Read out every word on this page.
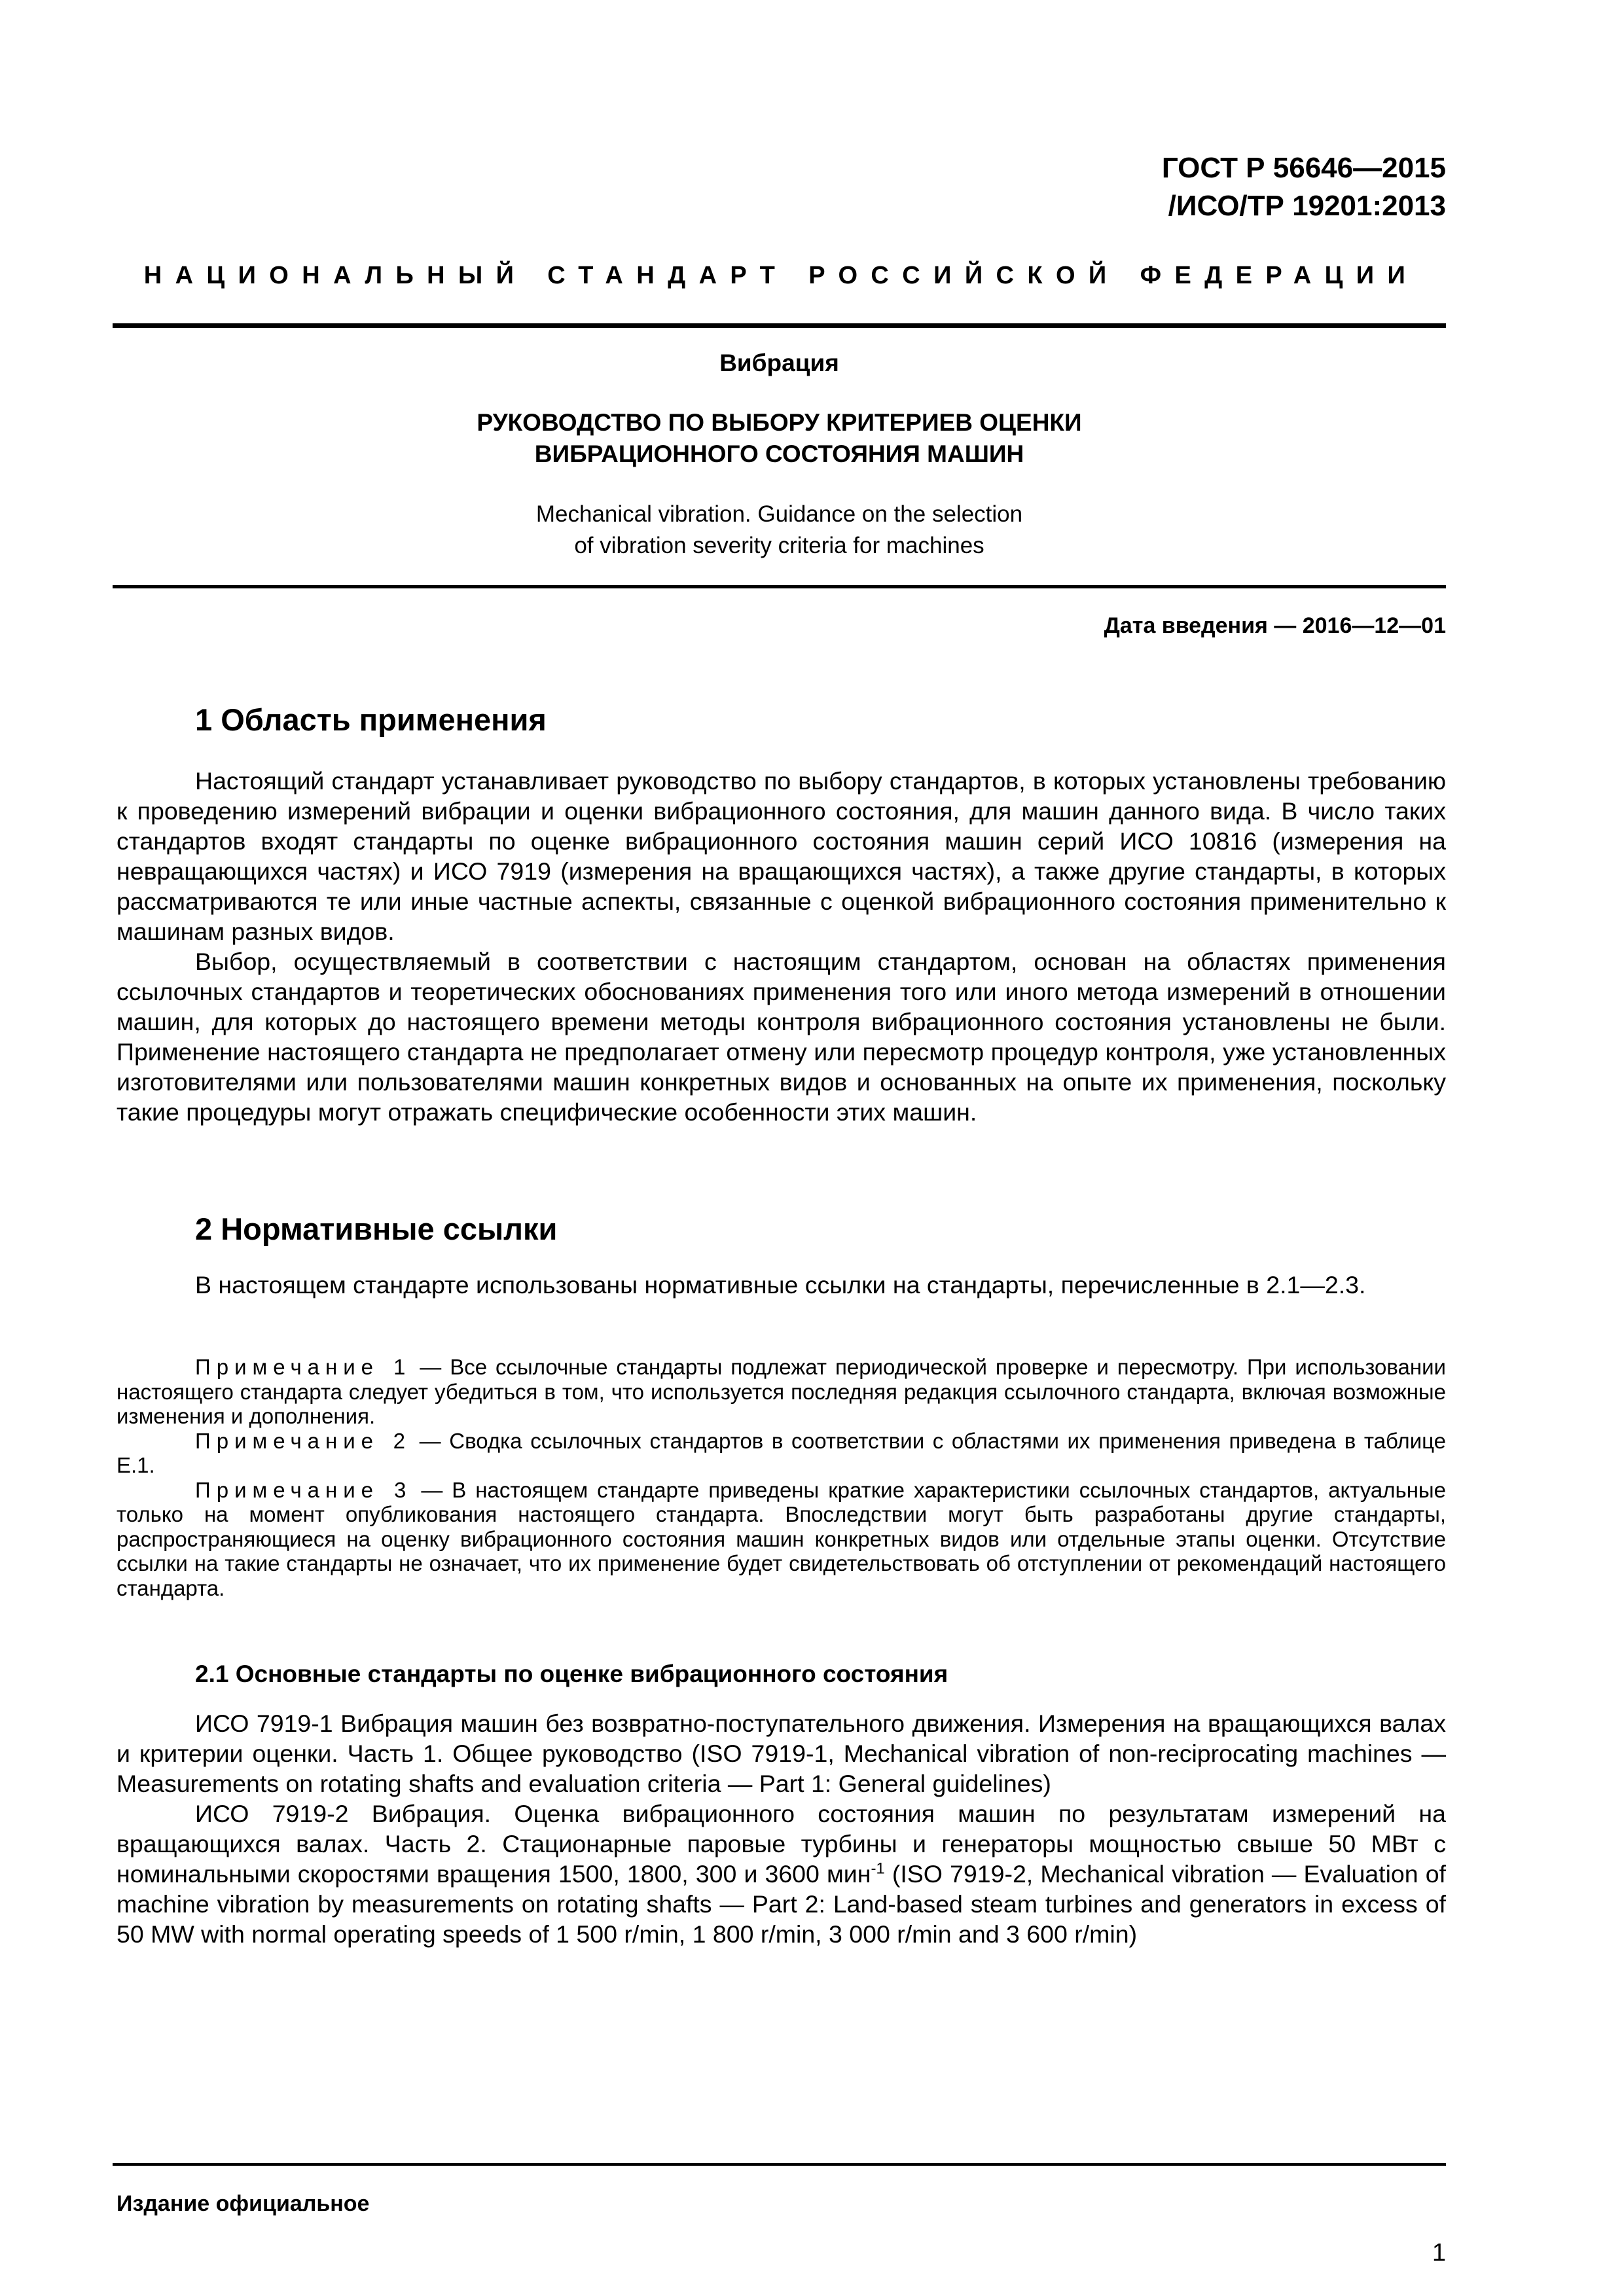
ГОСТ Р 56646—2015
/ИСО/ТР 19201:2013
НАЦИОНАЛЬНЫЙ СТАНДАРТ РОССИЙСКОЙ ФЕДЕРАЦИИ
Вибрация
РУКОВОДСТВО ПО ВЫБОРУ КРИТЕРИЕВ ОЦЕНКИ
ВИБРАЦИОННОГО СОСТОЯНИЯ МАШИН
Mechanical vibration. Guidance on the selection
of vibration severity criteria for machines
Дата введения — 2016—12—01
1 Область применения

Настоящий стандарт устанавливает руководство по выбору стандартов, в которых установлены требованию к проведению измерений вибрации и оценки вибрационного состояния, для машин данного вида. В число таких стандартов входят стандарты по оценке вибрационного состояния машин серий ИСО 10816 (измерения на невращающихся частях) и ИСО 7919 (измерения на вращающихся частях), а также другие стандарты, в которых рассматриваются те или иные частные аспекты, связанные с оценкой вибрационного состояния применительно к машинам разных видов.

Выбор, осуществляемый в соответствии с настоящим стандартом, основан на областях применения ссылочных стандартов и теоретических обоснованиях применения того или иного метода измерений в отношении машин, для которых до настоящего времени методы контроля вибрационного состояния установлены не были. Применение настоящего стандарта не предполагает отмену или пересмотр процедур контроля, уже установленных изготовителями или пользователями машин конкретных видов и основанных на опыте их применения, поскольку такие процедуры могут отражать специфические особенности этих машин.

2 Нормативные ссылки

В настоящем стандарте использованы нормативные ссылки на стандарты, перечисленные в 2.1—2.3.

Примечание 1 — Все ссылочные стандарты подлежат периодической проверке и пересмотру. При использовании настоящего стандарта следует убедиться в том, что используется последняя редакция ссылочного стандарта, включая возможные изменения и дополнения.

Примечание 2 — Сводка ссылочных стандартов в соответствии с областями их применения приведена в таблице Е.1.

Примечание 3 — В настоящем стандарте приведены краткие характеристики ссылочных стандартов, актуальные только на момент опубликования настоящего стандарта. Впоследствии могут быть разработаны другие стандарты, распространяющиеся на оценку вибрационного состояния машин конкретных видов или отдельные этапы оценки. Отсутствие ссылки на такие стандарты не означает, что их применение будет свидетельствовать об отступлении от рекомендаций настоящего стандарта.

2.1 Основные стандарты по оценке вибрационного состояния

ИСО 7919-1 Вибрация машин без возвратно-поступательного движения. Измерения на вращающихся валах и критерии оценки. Часть 1. Общее руководство (ISO 7919-1, Mechanical vibration of non-reciprocating machines — Measurements on rotating shafts and evaluation criteria — Part 1: General guidelines)

ИСО 7919-2 Вибрация. Оценка вибрационного состояния машин по результатам измерений на вращающихся валах. Часть 2. Стационарные паровые турбины и генераторы мощностью свыше 50 МВт с номинальными скоростями вращения 1500, 1800, 300 и 3600 мин$^{-1}$ (ISO 7919-2, Mechanical vibration — Evaluation of machine vibration by measurements on rotating shafts — Part 2: Land-based steam turbines and generators in excess of 50 MW with normal operating speeds of 1 500 r/min, 1 800 r/min, 3 000 r/min and 3 600 r/min)

Издание официальное
1
